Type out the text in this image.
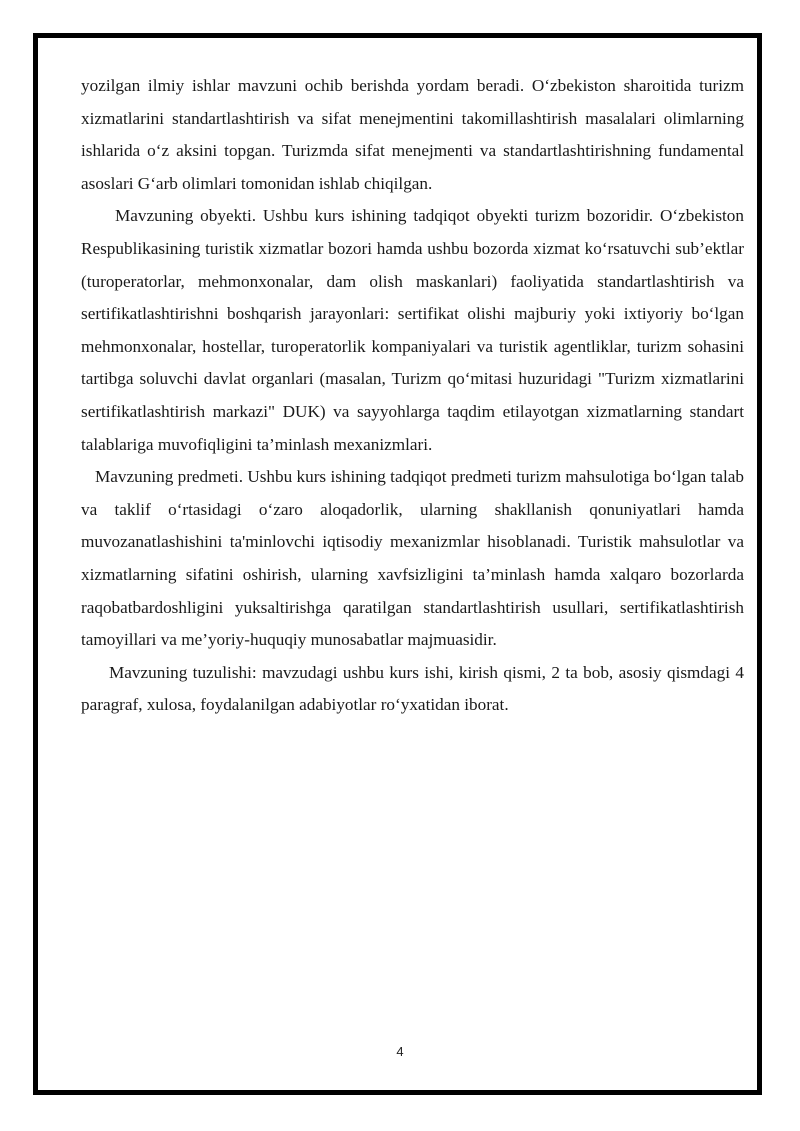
yozilgan ilmiy ishlar mavzuni ochib berishda yordam beradi. O‘zbekiston sharoitida turizm xizmatlarini standartlashtirish va sifat menejmentini takomillashtirish masalalari olimlarning ishlarida o‘z aksini topgan. Turizmda sifat menejmenti va standartlashtirishning fundamental asoslari G‘arb olimlari tomonidan ishlab chiqilgan.

Mavzuning obyekti. Ushbu kurs ishining tadqiqot obyekti turizm bozoridir. O‘zbekiston Respublikasining turistik xizmatlar bozori hamda ushbu bozorda xizmat ko‘rsatuvchi sub’ektlar (turoperatorlar, mehmonxonalar, dam olish maskanlari) faoliyatida standartlashtirish va sertifikatlashtirishni boshqarish jarayonlari: sertifikat olishi majburiy yoki ixtiyoriy bo‘lgan mehmonxonalar, hostellar, turoperatorlik kompaniyalari va turistik agentliklar, turizm sohasini tartibga soluvchi davlat organlari (masalan, Turizm qo‘mitasi huzuridagi "Turizm xizmatlarini sertifikatlashtirish markazi" DUK) va sayyohlarga taqdim etilayotgan xizmatlarning standart talablariga muvofiqligini ta’minlash mexanizmlari.

Mavzuning predmeti. Ushbu kurs ishining tadqiqot predmeti turizm mahsulotiga bo‘lgan talab va taklif o‘rtasidagi o‘zaro aloqadorlik, ularning shakllanish qonuniyatlari hamda muvozanatlashishini ta'minlovchi iqtisodiy mexanizmlar hisoblanadi. Turistik mahsulotlar va xizmatlarning sifatini oshirish, ularning xavfsizligini ta’minlash hamda xalqaro bozorlarda raqobatbardoshligini yuksaltirishga qaratilgan standartlashtirish usullari, sertifikatlashtirish tamoyillari va me’yoriy-huquqiy munosabatlar majmuasidir.

Mavzuning tuzulishi: mavzudagi ushbu kurs ishi, kirish qismi, 2 ta bob, asosiy qismdagi 4 paragraf, xulosa, foydalanilgan adabiyotlar ro‘yxatidan iborat.

4
